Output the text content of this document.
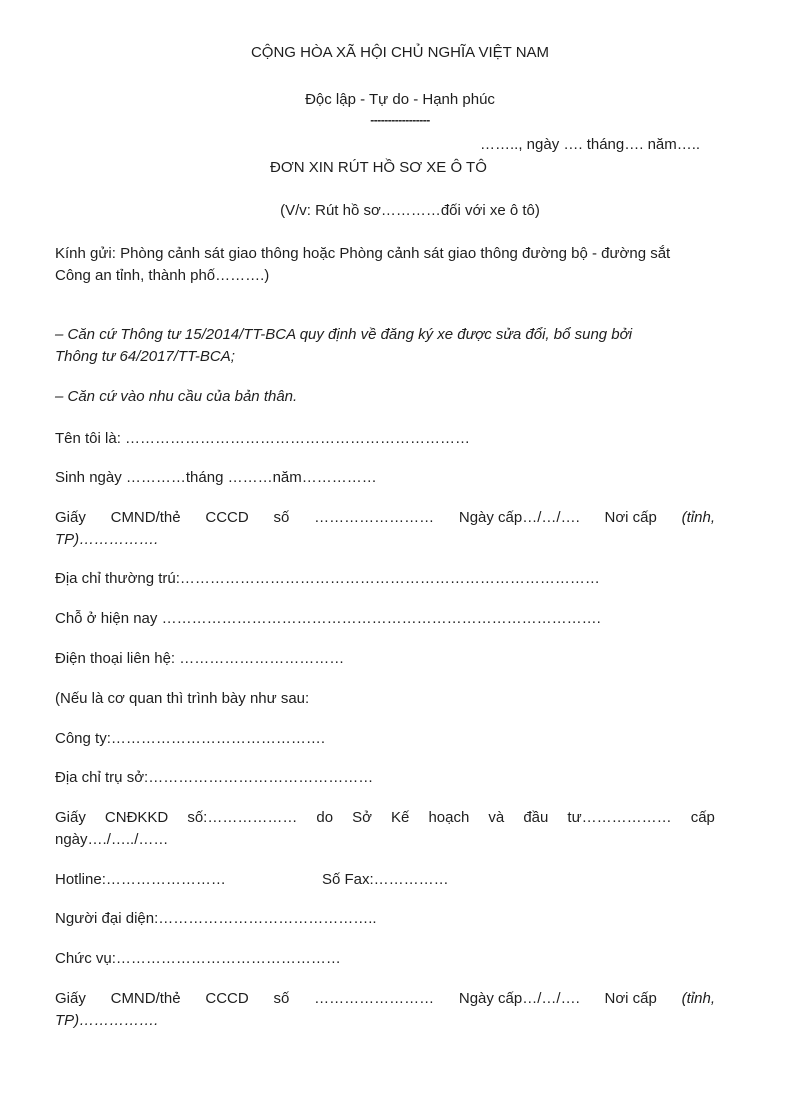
CỘNG HÒA XÃ HỘI CHỦ NGHĨA VIỆT NAM
Độc lập - Tự do - Hạnh phúc
-----------------
…….., ngày …. tháng…. năm…..
ĐƠN XIN RÚT HỒ SƠ XE Ô TÔ
(V/v: Rút hồ sơ…………đối với xe ô tô)
Kính gửi: Phòng cảnh sát giao thông hoặc Phòng cảnh sát giao thông đường bộ - đường sắt
Công an tỉnh, thành phố……….)
– Căn cứ Thông tư 15/2014/TT-BCA quy định về đăng ký xe được sửa đổi, bổ sung bởi
Thông tư 64/2017/TT-BCA;
– Căn cứ vào nhu cầu của bản thân.
Tên tôi là: ……………………………………………………………
Sinh ngày …………tháng ………năm……………
Giấy CMND/thẻ CCCD số …………………… Ngày cấp…/…/…. Nơi cấp (tỉnh,
TP)…………….
Địa chỉ thường trú:…………………………………………………………………………
Chỗ ở hiện nay …………………………………………………………………………….
Điện thoại liên hệ: ……………………………
(Nếu là cơ quan thì trình bày như sau:
Công ty:…………………………………….
Địa chỉ trụ sở:………………………………………
Giấy CNĐKKD số:……………… do Sở Kế hoạch và đầu tư……………… cấp
ngày…./…../……
Hotline:……………………	Số Fax:……………
Người đại diện:……………………………………..
Chức vụ:………………………………………
Giấy CMND/thẻ CCCD số …………………… Ngày cấp…/…/…. Nơi cấp (tỉnh,
TP)…………….
